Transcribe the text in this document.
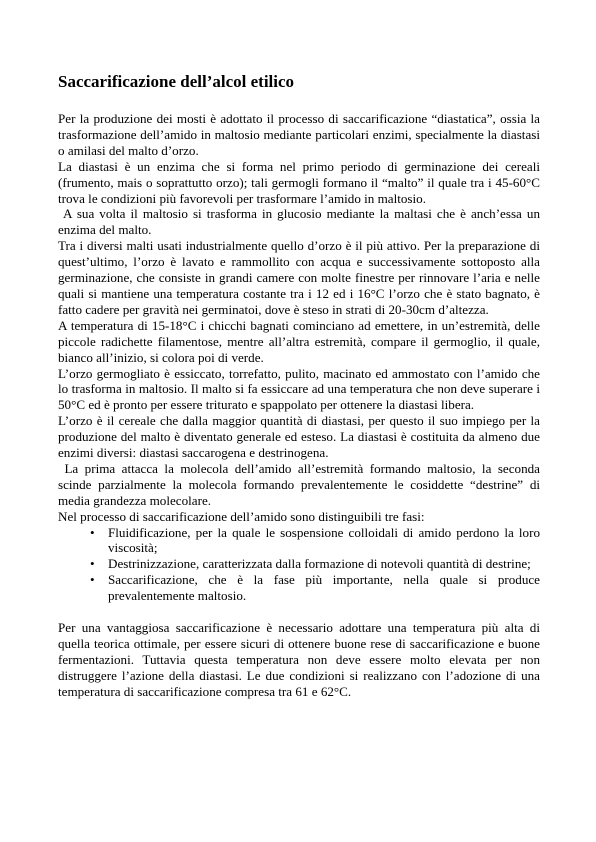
Saccarificazione dell’alcol etilico

Per la produzione dei mosti è adottato il processo di saccarificazione “diastatica”, ossia la trasformazione dell’amido in maltosio mediante particolari enzimi, specialmente la diastasi o amilasi del malto d’orzo.

La diastasi è un enzima che si forma nel primo periodo di germinazione dei cereali (frumento, mais o soprattutto orzo); tali germogli formano il “malto” il quale tra i 45-60°C trova le condizioni più favorevoli per trasformare l’amido in maltosio.

A sua volta il maltosio si trasforma in glucosio mediante la maltasi che è anch’essa un enzima del malto.

Tra i diversi malti usati industrialmente quello d’orzo è il più attivo. Per la preparazione di quest’ultimo, l’orzo è lavato e rammollito con acqua e successivamente sottoposto alla germinazione, che consiste in grandi camere con molte finestre per rinnovare l’aria e nelle quali si mantiene una temperatura costante tra i 12 ed i 16°C l’orzo che è stato bagnato, è fatto cadere per gravità nei germinatoi, dove è steso in strati di 20-30cm d’altezza.

A temperatura di 15-18°C i chicchi bagnati cominciano ad emettere, in un’estremità, delle piccole radichette filamentose, mentre all’altra estremità, compare il germoglio, il quale, bianco all’inizio, si colora poi di verde.

L’orzo germogliato è essiccato, torrefatto, pulito, macinato ed ammostato con l’amido che lo trasforma in maltosio. Il malto si fa essiccare ad una temperatura che non deve superare i 50°C ed è pronto per essere triturato e spappolato per ottenere la diastasi libera.

L’orzo è il cereale che dalla maggior quantità di diastasi, per questo il suo impiego per la produzione del malto è diventato generale ed esteso. La diastasi è costituita da almeno due enzimi diversi: diastasi saccarogena e destrinogena.

La prima attacca la molecola dell’amido all’estremità formando maltosio, la seconda scinde parzialmente la molecola formando prevalentemente le cosiddette “destrine” di media grandezza molecolare.

Nel processo di saccarificazione dell’amido sono distinguibili tre fasi:

• Fluidificazione, per la quale le sospensione colloidali di amido perdono la loro viscosità;
• Destrinizzazione, caratterizzata dalla formazione di notevoli quantità di destrine;
• Saccarificazione, che è la fase più importante, nella quale si produce prevalentemente maltosio.

Per una vantaggiosa saccarificazione è necessario adottare una temperatura più alta di quella teorica ottimale, per essere sicuri di ottenere buone rese di saccarificazione e buone fermentazioni. Tuttavia questa temperatura non deve essere molto elevata per non distruggere l’azione della diastasi. Le due condizioni si realizzano con l’adozione di una temperatura di saccarificazione compresa tra 61 e 62°C.
